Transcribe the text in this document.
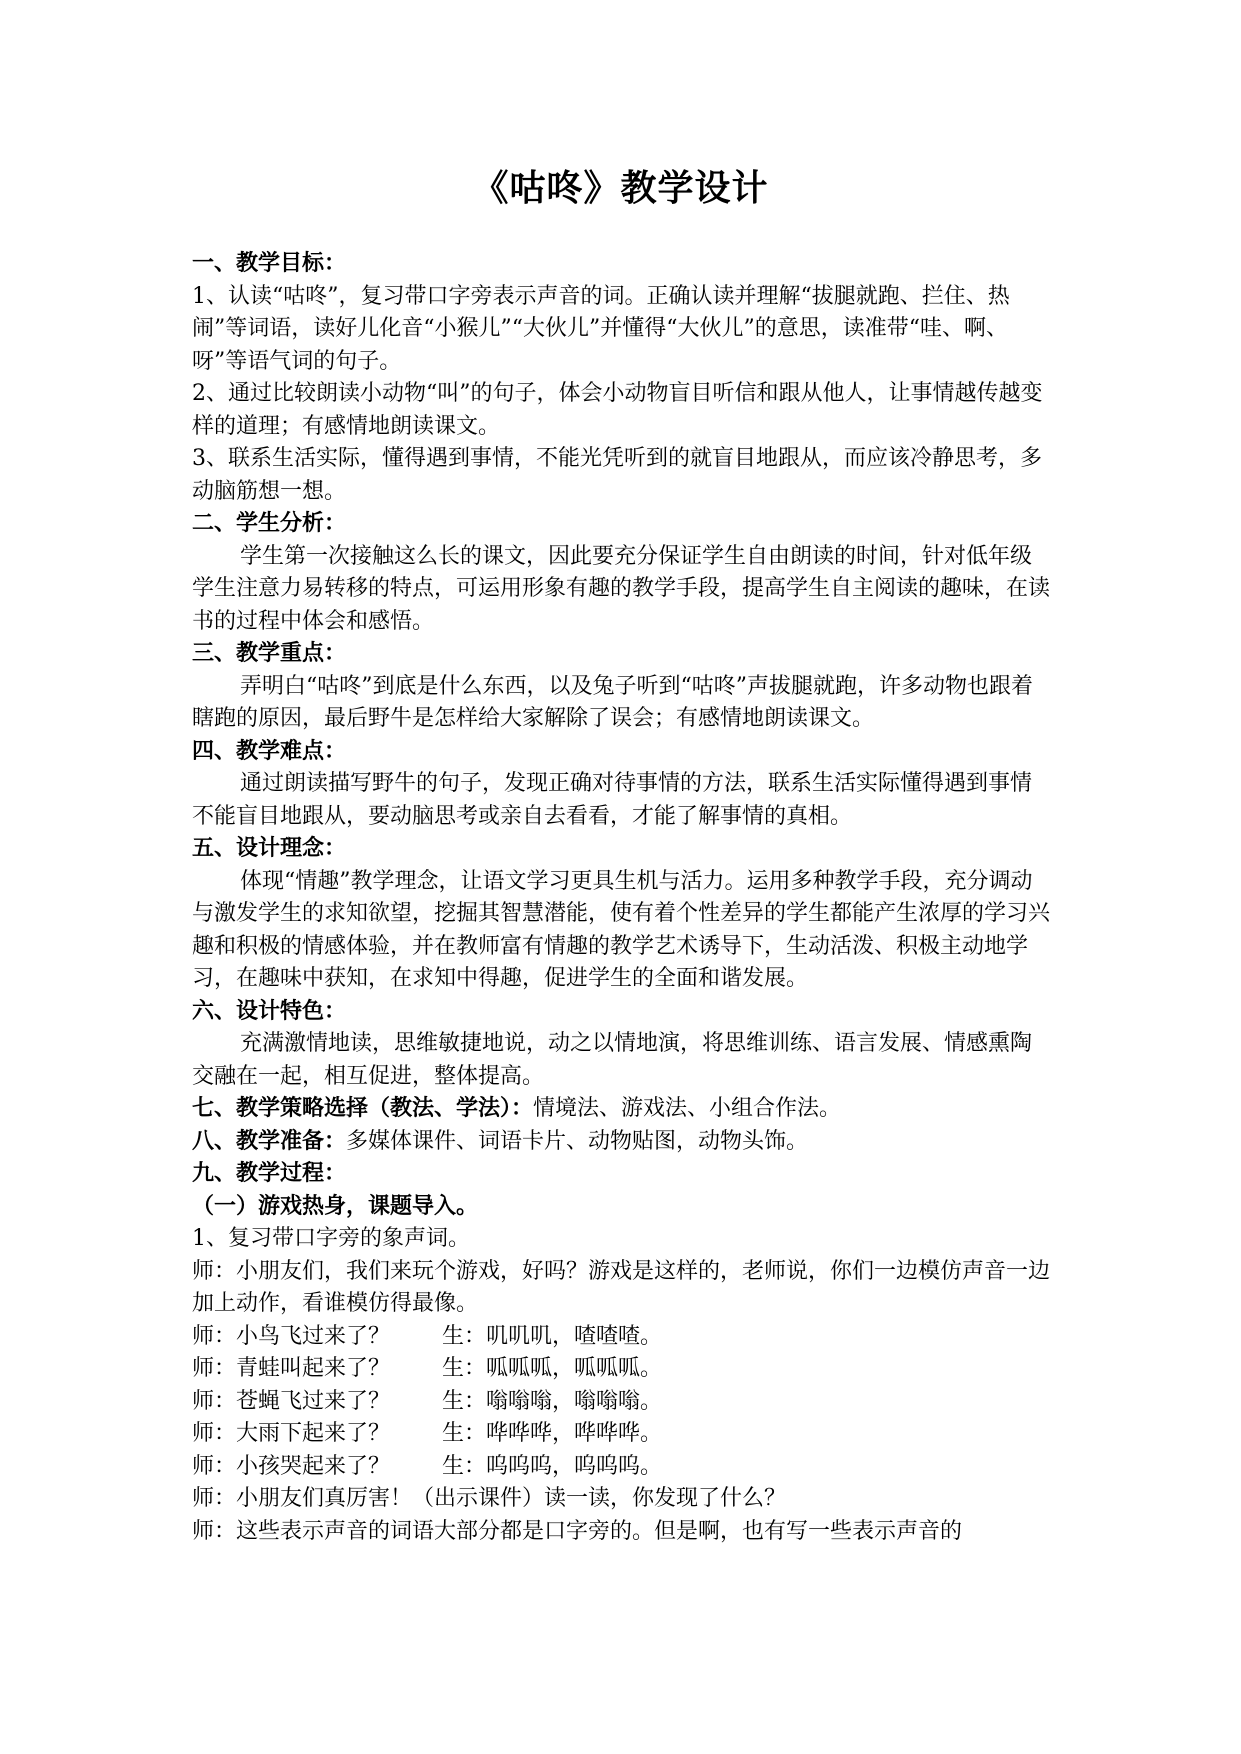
《咕咚》教学设计

一、教学目标：

1、认读“咕咚”，复习带口字旁表示声音的词。正确认读并理解“拔腿就跑、拦住、热闹”等词语，读好儿化音“小猴儿”“大伙儿”并懂得“大伙儿”的意思，读准带“哇、啊、呀”等语气词的句子。

2、通过比较朗读小动物“叫”的句子，体会小动物盲目听信和跟从他人，让事情越传越变样的道理；有感情地朗读课文。

3、联系生活实际，懂得遇到事情，不能光凭听到的就盲目地跟从，而应该冷静思考，多动脑筋想一想。

二、学生分析：

学生第一次接触这么长的课文，因此要充分保证学生自由朗读的时间，针对低年级学生注意力易转移的特点，可运用形象有趣的教学手段，提高学生自主阅读的趣味，在读书的过程中体会和感悟。

三、教学重点：

弄明白“咕咚”到底是什么东西，以及兔子听到“咕咚”声拔腿就跑，许多动物也跟着瞎跑的原因，最后野牛是怎样给大家解除了误会；有感情地朗读课文。

四、教学难点：

通过朗读描写野牛的句子，发现正确对待事情的方法，联系生活实际懂得遇到事情不能盲目地跟从，要动脑思考或亲自去看看，才能了解事情的真相。

五、设计理念：

体现“情趣”教学理念，让语文学习更具生机与活力。运用多种教学手段，充分调动与激发学生的求知欲望，挖掘其智慧潜能，使有着个性差异的学生都能产生浓厚的学习兴趣和积极的情感体验，并在教师富有情趣的教学艺术诱导下，生动活泼、积极主动地学习，在趣味中获知，在求知中得趣，促进学生的全面和谐发展。

六、设计特色：

充满激情地读，思维敏捷地说，动之以情地演，将思维训练、语言发展、情感熏陶交融在一起，相互促进，整体提高。

七、教学策略选择（教法、学法）：情境法、游戏法、小组合作法。

八、教学准备：多媒体课件、词语卡片、动物贴图，动物头饰。

九、教学过程：

（一）游戏热身，课题导入。

1、复习带口字旁的象声词。

师：小朋友们，我们来玩个游戏，好吗？游戏是这样的，老师说，你们一边模仿声音一边加上动作，看谁模仿得最像。

师：小鸟飞过来了？ 生：叽叽叽，喳喳喳。

师：青蛙叫起来了？ 生：呱呱呱，呱呱呱。

师：苍蝇飞过来了？ 生：嗡嗡嗡，嗡嗡嗡。

师：大雨下起来了？ 生：哗哗哗，哗哗哗。

师：小孩哭起来了？ 生：呜呜呜，呜呜呜。

师：小朋友们真厉害！（出示课件）读一读，你发现了什么？

师：这些表示声音的词语大部分都是口字旁的。但是啊，也有写一些表示声音的
